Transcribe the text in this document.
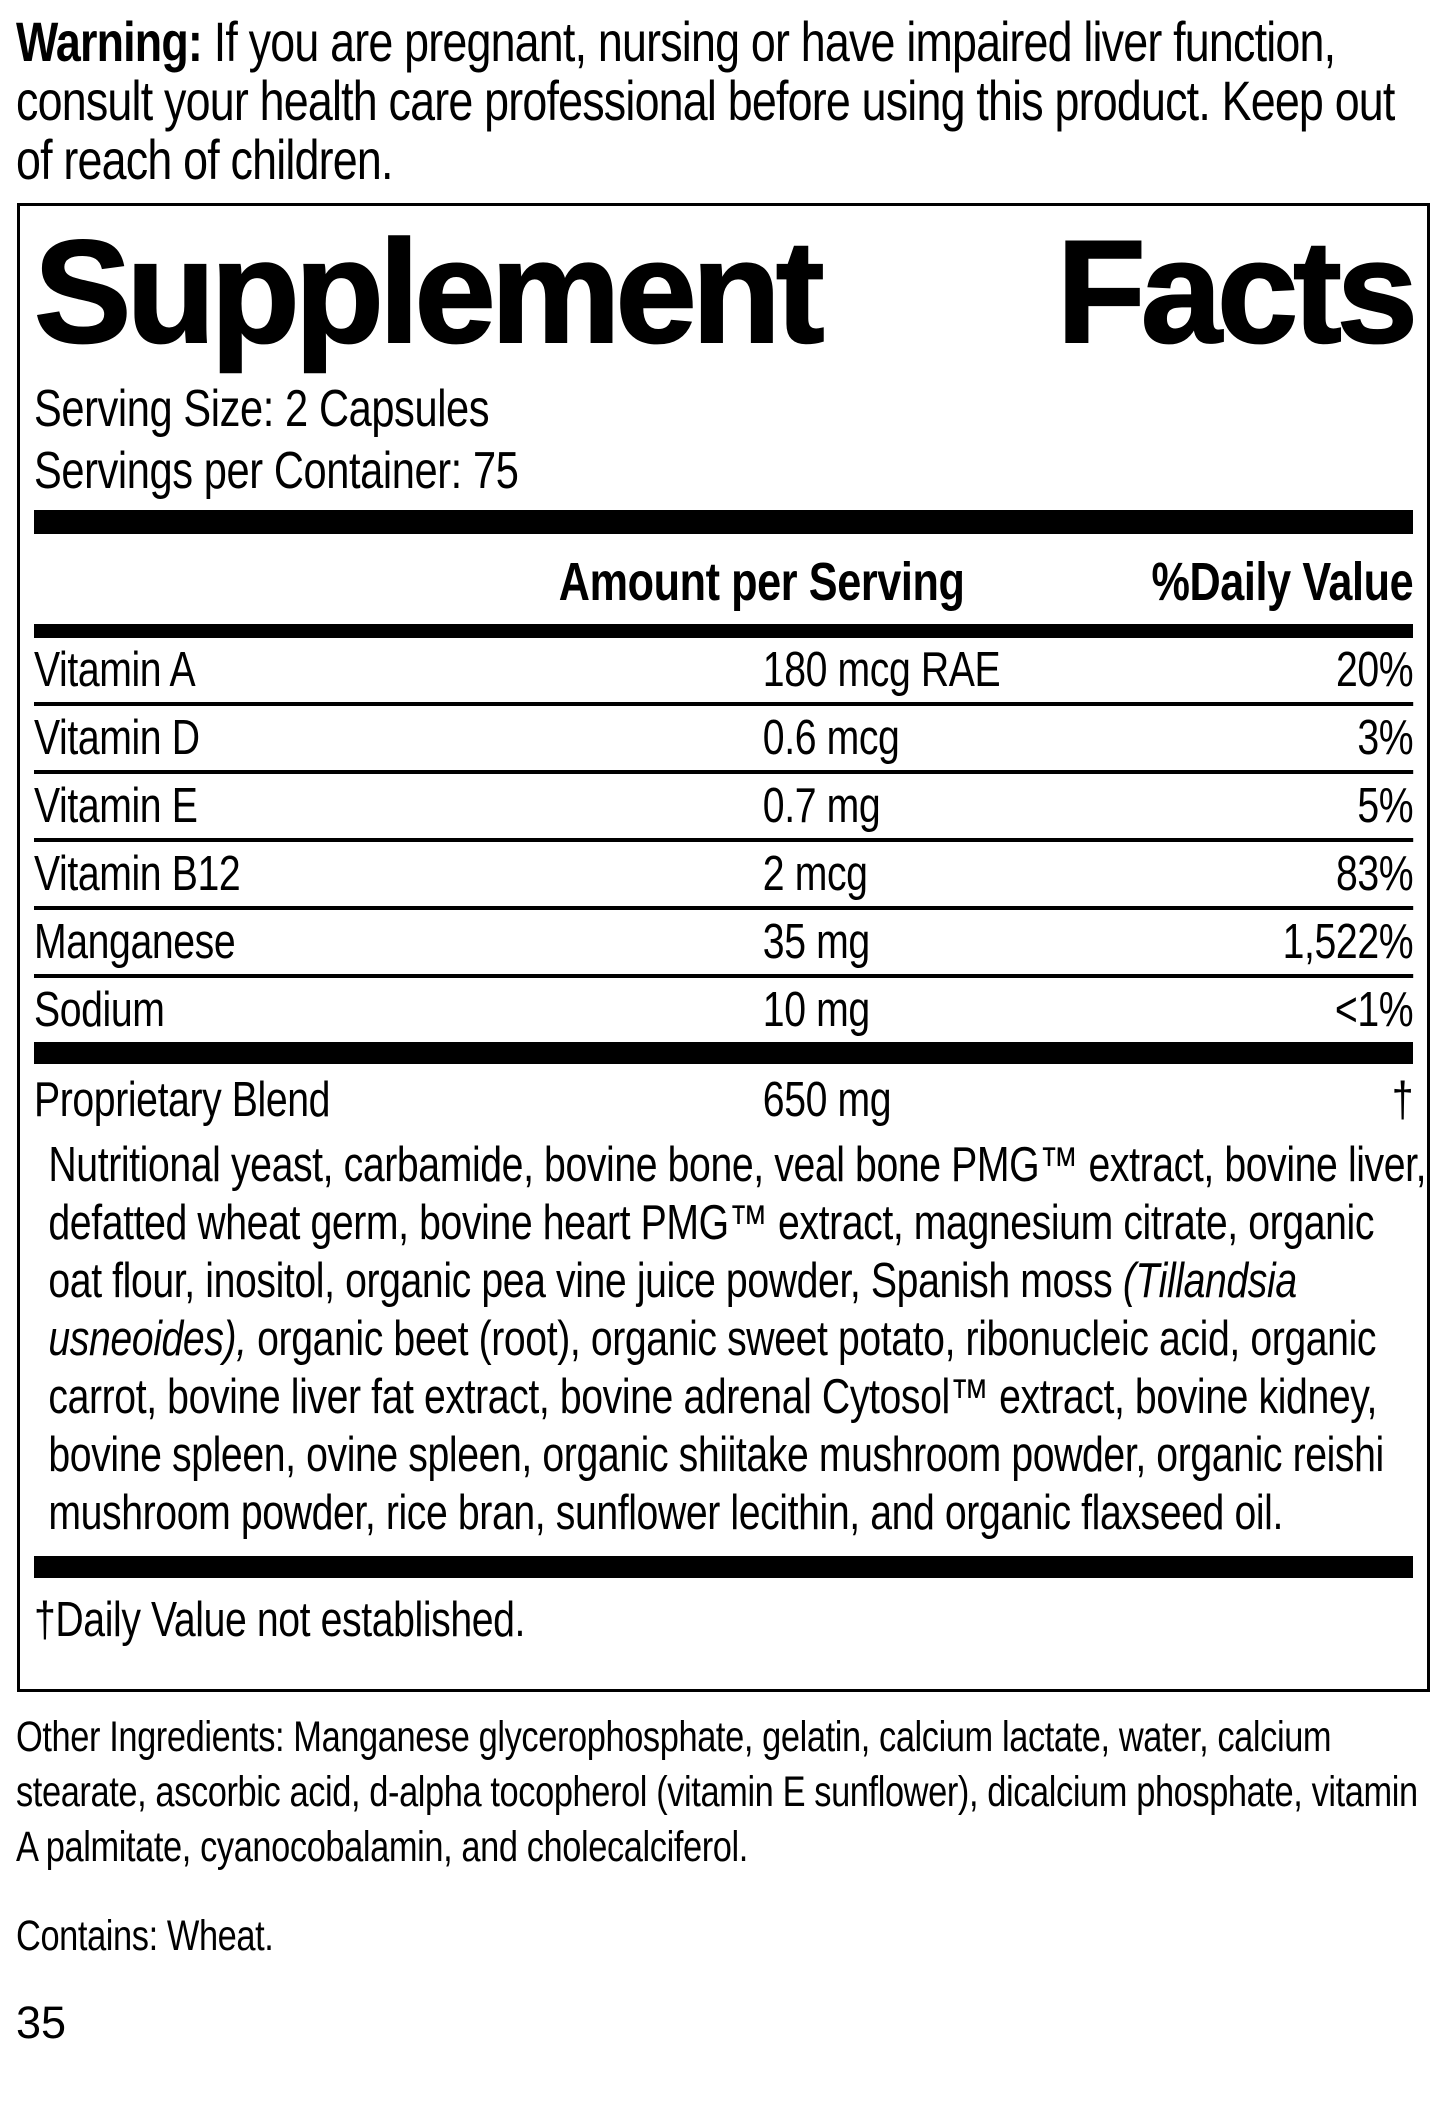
Warning: If you are pregnant, nursing or have impaired liver function, consult your health care professional before using this product. Keep out of reach of children.

Supplement Facts
Serving Size: 2 Capsules
Servings per Container: 75
Amount per Serving	%Daily Value
Vitamin A	180 mcg RAE	20%
Vitamin D	0.6 mcg	3%
Vitamin E	0.7 mg	5%
Vitamin B12	2 mcg	83%
Manganese	35 mg	1,522%
Sodium	10 mg	<1%
Proprietary Blend	650 mg	†

Nutritional yeast, carbamide, bovine bone, veal bone PMG™ extract, bovine liver, defatted wheat germ, bovine heart PMG™ extract, magnesium citrate, organic oat flour, inositol, organic pea vine juice powder, Spanish moss (Tillandsia usneoides), organic beet (root), organic sweet potato, ribonucleic acid, organic carrot, bovine liver fat extract, bovine adrenal Cytosol™ extract, bovine kidney, bovine spleen, ovine spleen, organic shiitake mushroom powder, organic reishi mushroom powder, rice bran, sunflower lecithin, and organic flaxseed oil.

†Daily Value not established.

Other Ingredients: Manganese glycerophosphate, gelatin, calcium lactate, water, calcium stearate, ascorbic acid, d-alpha tocopherol (vitamin E sunflower), dicalcium phosphate, vitamin A palmitate, cyanocobalamin, and cholecalciferol.

Contains: Wheat.

35
